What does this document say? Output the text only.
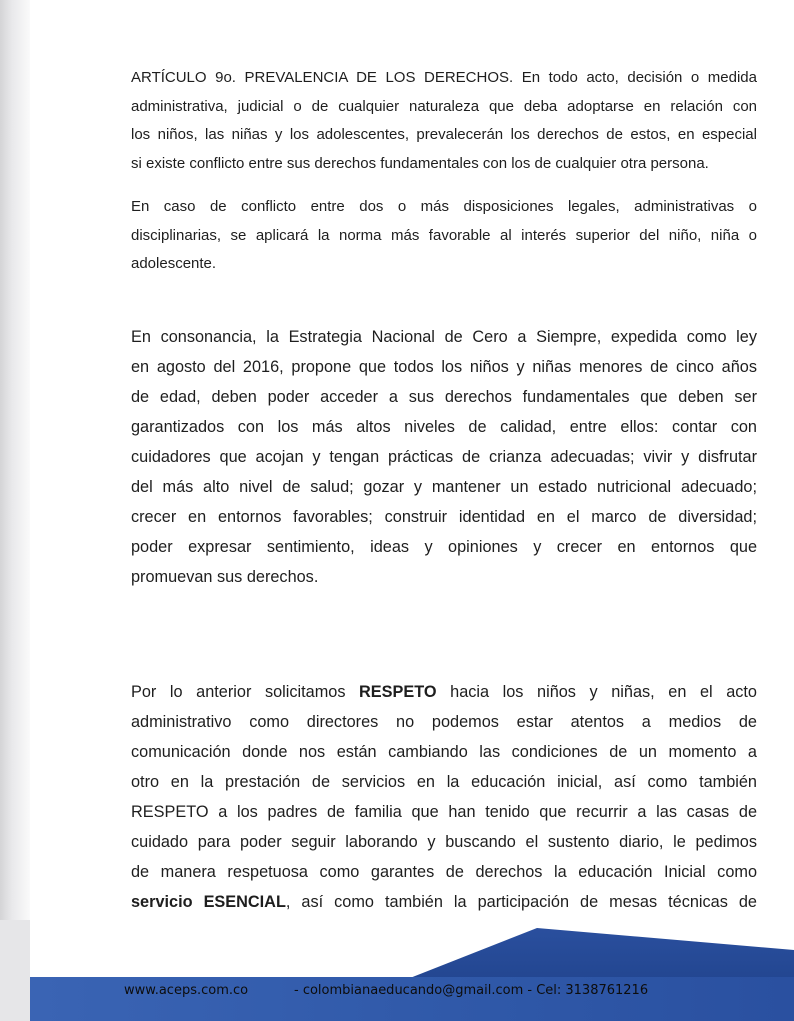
ARTÍCULO 9o. PREVALENCIA DE LOS DERECHOS. En todo acto, decisión o medida
administrativa, judicial o de cualquier naturaleza que deba adoptarse en relación con
los niños, las niñas y los adolescentes, prevalecerán los derechos de estos, en especial
si existe conflicto entre sus derechos fundamentales con los de cualquier otra persona.

En caso de conflicto entre dos o más disposiciones legales, administrativas o
disciplinarias, se aplicará la norma más favorable al interés superior del niño, niña o
adolescente.

En consonancia, la Estrategia Nacional de Cero a Siempre, expedida como ley
en agosto del 2016, propone que todos los niños y niñas menores de cinco años
de edad, deben poder acceder a sus derechos fundamentales que deben ser
garantizados con los más altos niveles de calidad, entre ellos: contar con
cuidadores que acojan y tengan prácticas de crianza adecuadas; vivir y disfrutar
del más alto nivel de salud; gozar y mantener un estado nutricional adecuado;
crecer en entornos favorables; construir identidad en el marco de diversidad;
poder expresar sentimiento, ideas y opiniones y crecer en entornos que
promuevan sus derechos.

Por lo anterior solicitamos RESPETO hacia los niños y niñas, en el acto
administrativo como directores no podemos estar atentos a medios de
comunicación donde nos están cambiando las condiciones de un momento a
otro en la prestación de servicios en la educación inicial, así como también
RESPETO a los padres de familia que han tenido que recurrir a las casas de
cuidado para poder seguir laborando y buscando el sustento diario, le pedimos
de manera respetuosa como garantes de derechos la educación Inicial como
servicio ESENCIAL, así como también la participación de mesas técnicas de

www.aceps.com.co	- colombianaeducando@gmail.com - Cel: 3138761216
